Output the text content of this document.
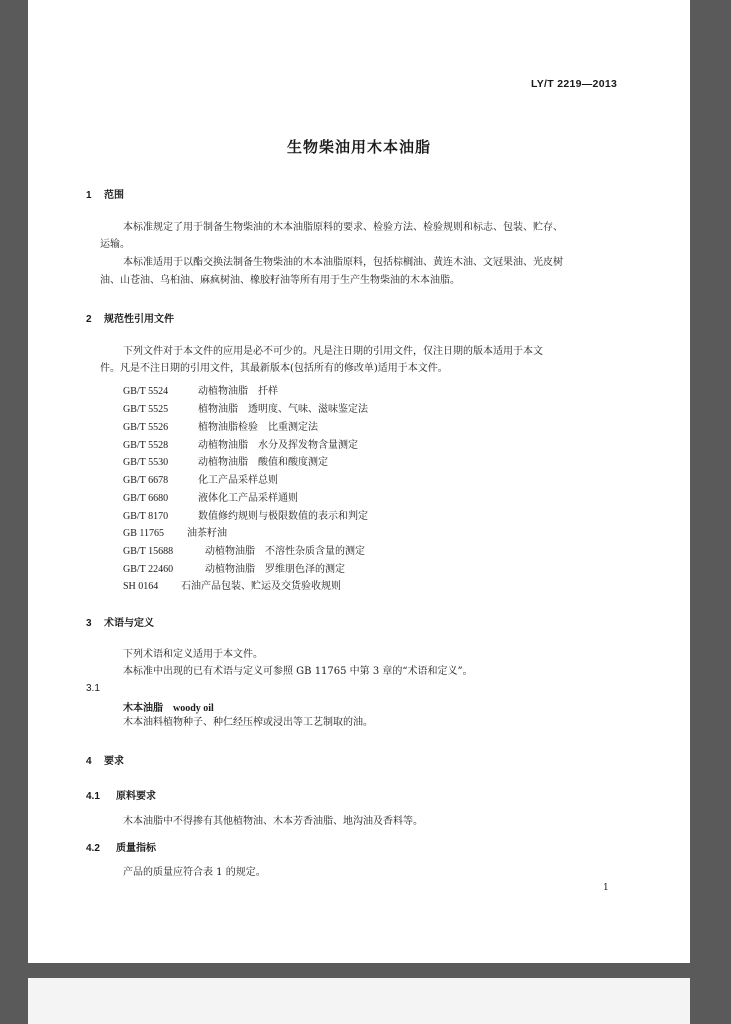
LY/T 2219—2013
生物柴油用木本油脂
1 范围
本标准规定了用于制备生物柴油的木本油脂原料的要求、检验方法、检验规则和标志、包装、贮存、
运输。
本标准适用于以酯交换法制备生物柴油的木本油脂原料，包括棕榈油、黄连木油、文冠果油、光皮树
油、山苍油、乌桕油、麻疯树油、橡胶籽油等所有用于生产生物柴油的木本油脂。
2 规范性引用文件
下列文件对于本文件的应用是必不可少的。凡是注日期的引用文件，仅注日期的版本适用于本文
件。凡是不注日期的引用文件，其最新版本(包括所有的修改单)适用于本文件。
GB/T 5524	动植物油脂　扦样
GB/T 5525	植物油脂　透明度、气味、滋味鉴定法
GB/T 5526	植物油脂检验　比重测定法
GB/T 5528	动植物油脂　水分及挥发物含量测定
GB/T 5530	动植物油脂　酸值和酸度测定
GB/T 6678	化工产品采样总则
GB/T 6680	液体化工产品采样通则
GB/T 8170	数值修约规则与极限数值的表示和判定
GB 11765 油茶籽油
GB/T 15688	动植物油脂　不溶性杂质含量的测定
GB/T 22460	动植物油脂　罗维朋色泽的测定
SH 0164 石油产品包装、贮运及交货验收规则
3 术语与定义
下列术语和定义适用于本文件。
本标准中出现的已有术语与定义可参照 GB 11765 中第 3 章的“术语和定义”。
3.1
木本油脂　 woody oil
木本油料植物种子、种仁经压榨或浸出等工艺制取的油。
4 要求
4.1 原料要求
木本油脂中不得掺有其他植物油、木本芳香油脂、地沟油及香料等。
4.2 质量指标
产品的质量应符合表 1 的规定。
1
